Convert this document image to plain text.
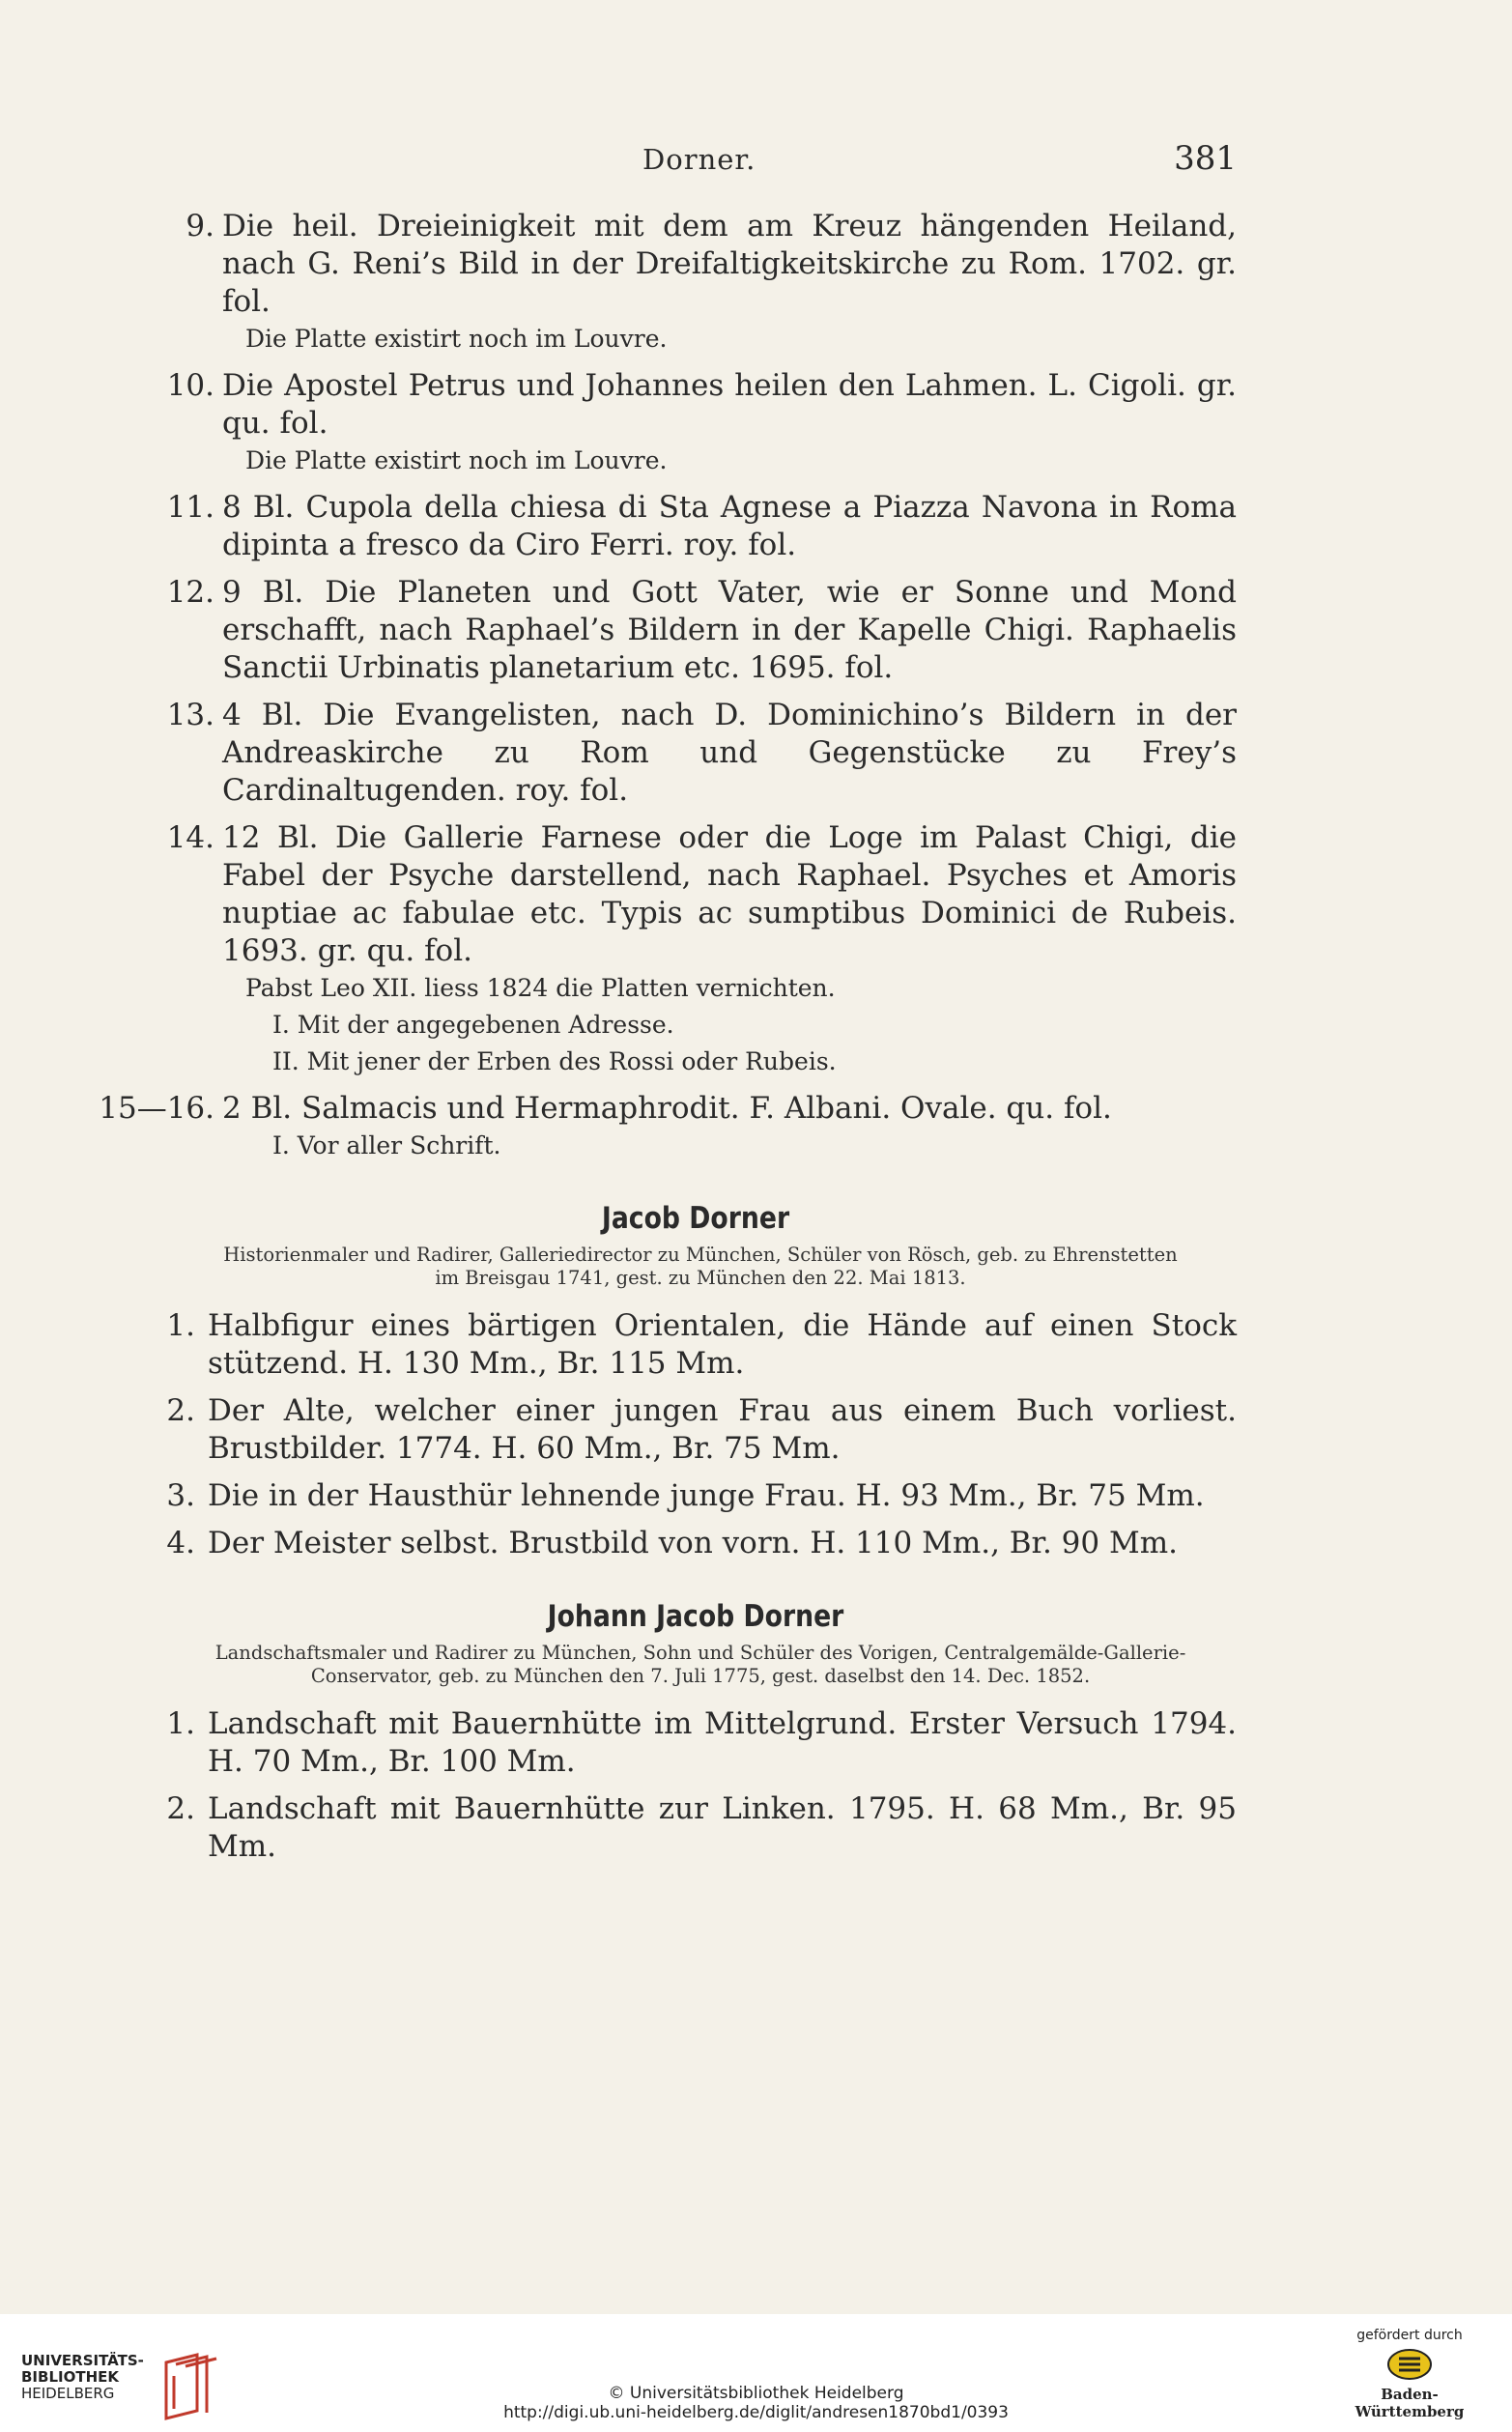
Dorner.	381
9. Die heil. Dreieinigkeit mit dem am Kreuz hängenden Heiland, nach G. Reni’s Bild in der Dreifaltigkeitskirche zu Rom. 1702. gr. fol.
Die Platte existirt noch im Louvre.
10. Die Apostel Petrus und Johannes heilen den Lahmen. L. Cigoli. gr. qu. fol.
Die Platte existirt noch im Louvre.
11. 8 Bl. Cupola della chiesa di Sta Agnese a Piazza Navona in Roma dipinta a fresco da Ciro Ferri. roy. fol.
12. 9 Bl. Die Planeten und Gott Vater, wie er Sonne und Mond erschafft, nach Raphael’s Bildern in der Kapelle Chigi. Raphaelis Sanctii Urbinatis planetarium etc. 1695. fol.
13. 4 Bl. Die Evangelisten, nach D. Dominichino’s Bildern in der Andreaskirche zu Rom und Gegenstücke zu Frey’s Cardinaltugenden. roy. fol.
14. 12 Bl. Die Gallerie Farnese oder die Loge im Palast Chigi, die Fabel der Psyche darstellend, nach Raphael. Psyches et Amoris nuptiae ac fabulae etc. Typis ac sumptibus Dominici de Rubeis. 1693. gr. qu. fol.
Pabst Leo XII. liess 1824 die Platten vernichten.
I. Mit der angegebenen Adresse.
II. Mit jener der Erben des Rossi oder Rubeis.
15—16. 2 Bl. Salmacis und Hermaphrodit. F. Albani. Ovale. qu. fol.
I. Vor aller Schrift.
Jacob Dorner
Historienmaler und Radirer, Galleriedirector zu München, Schüler von Rösch, geb. zu Ehrenstetten im Breisgau 1741, gest. zu München den 22. Mai 1813.
1. Halbfigur eines bärtigen Orientalen, die Hände auf einen Stock stützend. H. 130 Mm., Br. 115 Mm.
2. Der Alte, welcher einer jungen Frau aus einem Buch vorliest. Brustbilder. 1774. H. 60 Mm., Br. 75 Mm.
3. Die in der Hausthür lehnende junge Frau. H. 93 Mm., Br. 75 Mm.
4. Der Meister selbst. Brustbild von vorn. H. 110 Mm., Br. 90 Mm.
Johann Jacob Dorner
Landschaftsmaler und Radirer zu München, Sohn und Schüler des Vorigen, Centralgemälde-Gallerie-Conservator, geb. zu München den 7. Juli 1775, gest. daselbst den 14. Dec. 1852.
1. Landschaft mit Bauernhütte im Mittelgrund. Erster Versuch 1794. H. 70 Mm., Br. 100 Mm.
2. Landschaft mit Bauernhütte zur Linken. 1795. H. 68 Mm., Br. 95 Mm.
UNIVERSITÄTS-
BIBLIOTHEK
HEIDELBERG	© Universitätsbibliothek Heidelberg
http://digi.ub.uni-heidelberg.de/diglit/andresen1870bd1/0393
gefördert durch
Baden-Württemberg
